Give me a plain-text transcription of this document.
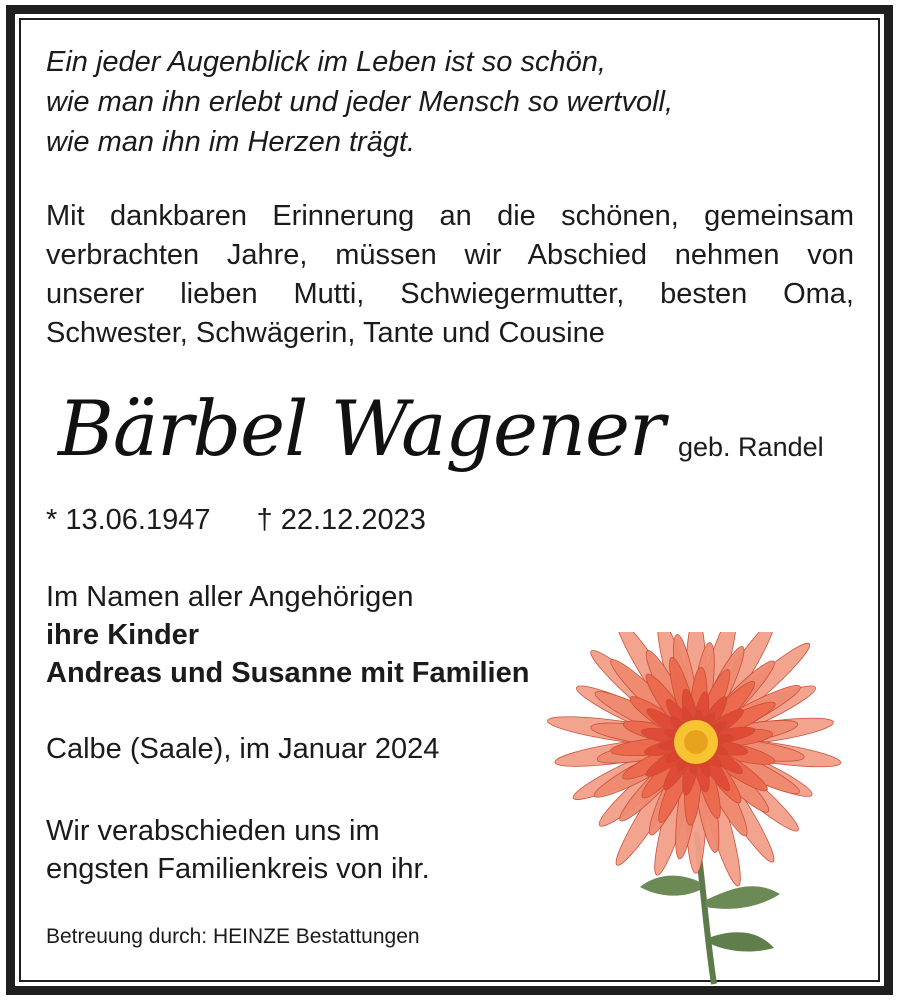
Ein jeder Augenblick im Leben ist so schön,
wie man ihn erlebt und jeder Mensch so wertvoll,
wie man ihn im Herzen trägt.
Mit dankbaren Erinnerung an die schönen, gemeinsam
verbrachten Jahre, müssen wir Abschied nehmen von
unserer lieben Mutti, Schwiegermutter, besten Oma,
Schwester, Schwägerin, Tante und Cousine
Bärbel Wagener geb. Randel
* 13.06.1947 † 22.12.2023
Im Namen aller Angehörigen
ihre Kinder
Andreas und Susanne mit Familien
Calbe (Saale), im Januar 2024
Wir verabschieden uns im
engsten Familienkreis von ihr.
Betreuung durch: HEINZE Bestattungen
